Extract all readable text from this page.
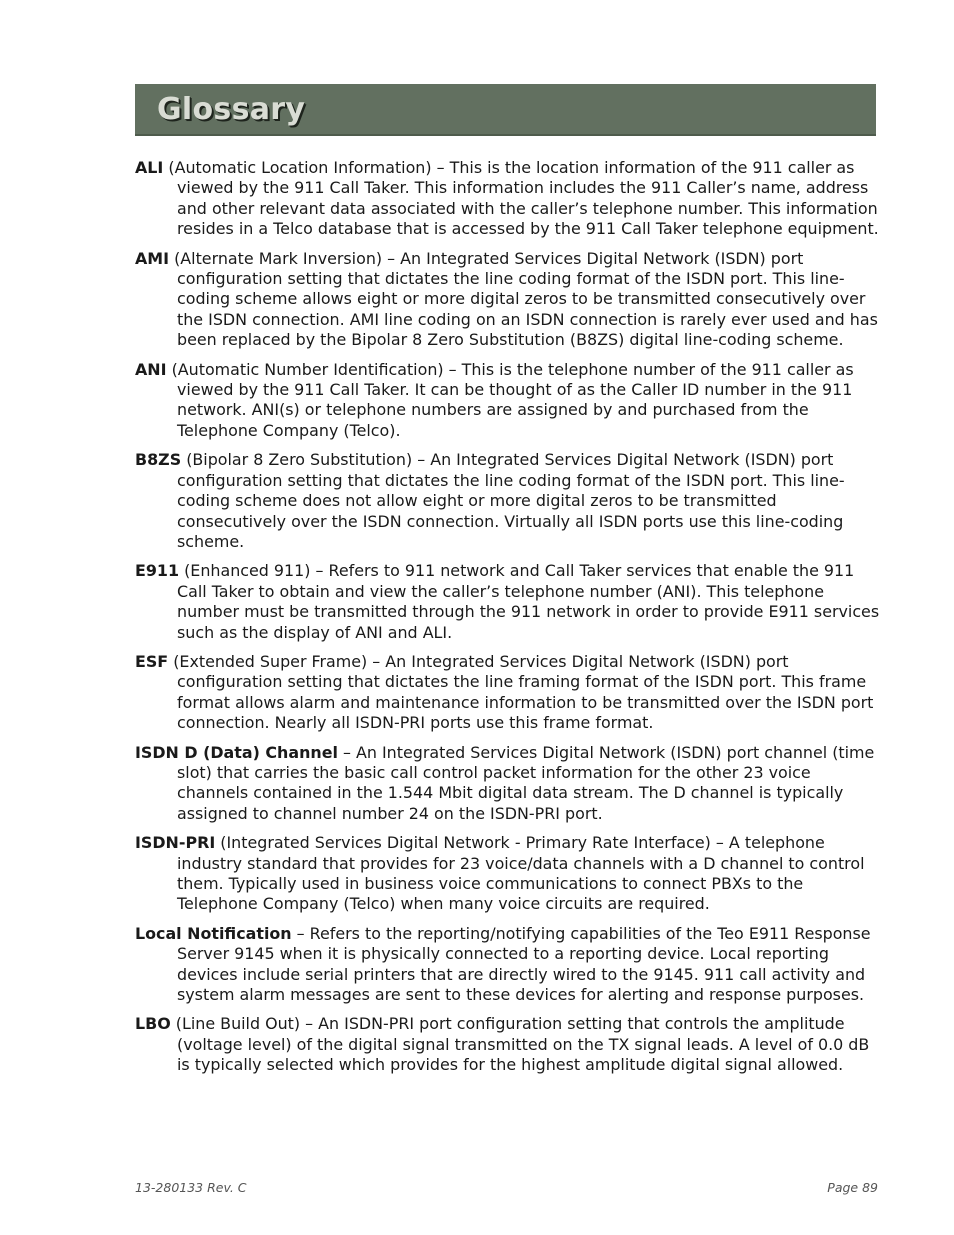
Glossary

ALI (Automatic Location Information) – This is the location information of the 911 caller as viewed by the 911 Call Taker. This information includes the 911 Caller’s name, address and other relevant data associated with the caller’s telephone number. This information resides in a Telco database that is accessed by the 911 Call Taker telephone equipment.

AMI (Alternate Mark Inversion) – An Integrated Services Digital Network (ISDN) port configuration setting that dictates the line coding format of the ISDN port. This line-coding scheme allows eight or more digital zeros to be transmitted consecutively over the ISDN connection. AMI line coding on an ISDN connection is rarely ever used and has been replaced by the Bipolar 8 Zero Substitution (B8ZS) digital line-coding scheme.

ANI (Automatic Number Identification) – This is the telephone number of the 911 caller as viewed by the 911 Call Taker. It can be thought of as the Caller ID number in the 911 network. ANI(s) or telephone numbers are assigned by and purchased from the Telephone Company (Telco).

B8ZS (Bipolar 8 Zero Substitution) – An Integrated Services Digital Network (ISDN) port configuration setting that dictates the line coding format of the ISDN port. This line-coding scheme does not allow eight or more digital zeros to be transmitted consecutively over the ISDN connection. Virtually all ISDN ports use this line-coding scheme.

E911 (Enhanced 911) – Refers to 911 network and Call Taker services that enable the 911 Call Taker to obtain and view the caller’s telephone number (ANI). This telephone number must be transmitted through the 911 network in order to provide E911 services such as the display of ANI and ALI.

ESF (Extended Super Frame) – An Integrated Services Digital Network (ISDN) port configuration setting that dictates the line framing format of the ISDN port. This frame format allows alarm and maintenance information to be transmitted over the ISDN port connection. Nearly all ISDN-PRI ports use this frame format.

ISDN D (Data) Channel – An Integrated Services Digital Network (ISDN) port channel (time slot) that carries the basic call control packet information for the other 23 voice channels contained in the 1.544 Mbit digital data stream. The D channel is typically assigned to channel number 24 on the ISDN-PRI port.

ISDN-PRI (Integrated Services Digital Network - Primary Rate Interface) – A telephone industry standard that provides for 23 voice/data channels with a D channel to control them. Typically used in business voice communications to connect PBXs to the Telephone Company (Telco) when many voice circuits are required.

Local Notification – Refers to the reporting/notifying capabilities of the Teo E911 Response Server 9145 when it is physically connected to a reporting device. Local reporting devices include serial printers that are directly wired to the 9145. 911 call activity and system alarm messages are sent to these devices for alerting and response purposes.

LBO (Line Build Out) – An ISDN-PRI port configuration setting that controls the amplitude (voltage level) of the digital signal transmitted on the TX signal leads. A level of 0.0 dB is typically selected which provides for the highest amplitude digital signal allowed.

13-280133 Rev. C	Page 89
